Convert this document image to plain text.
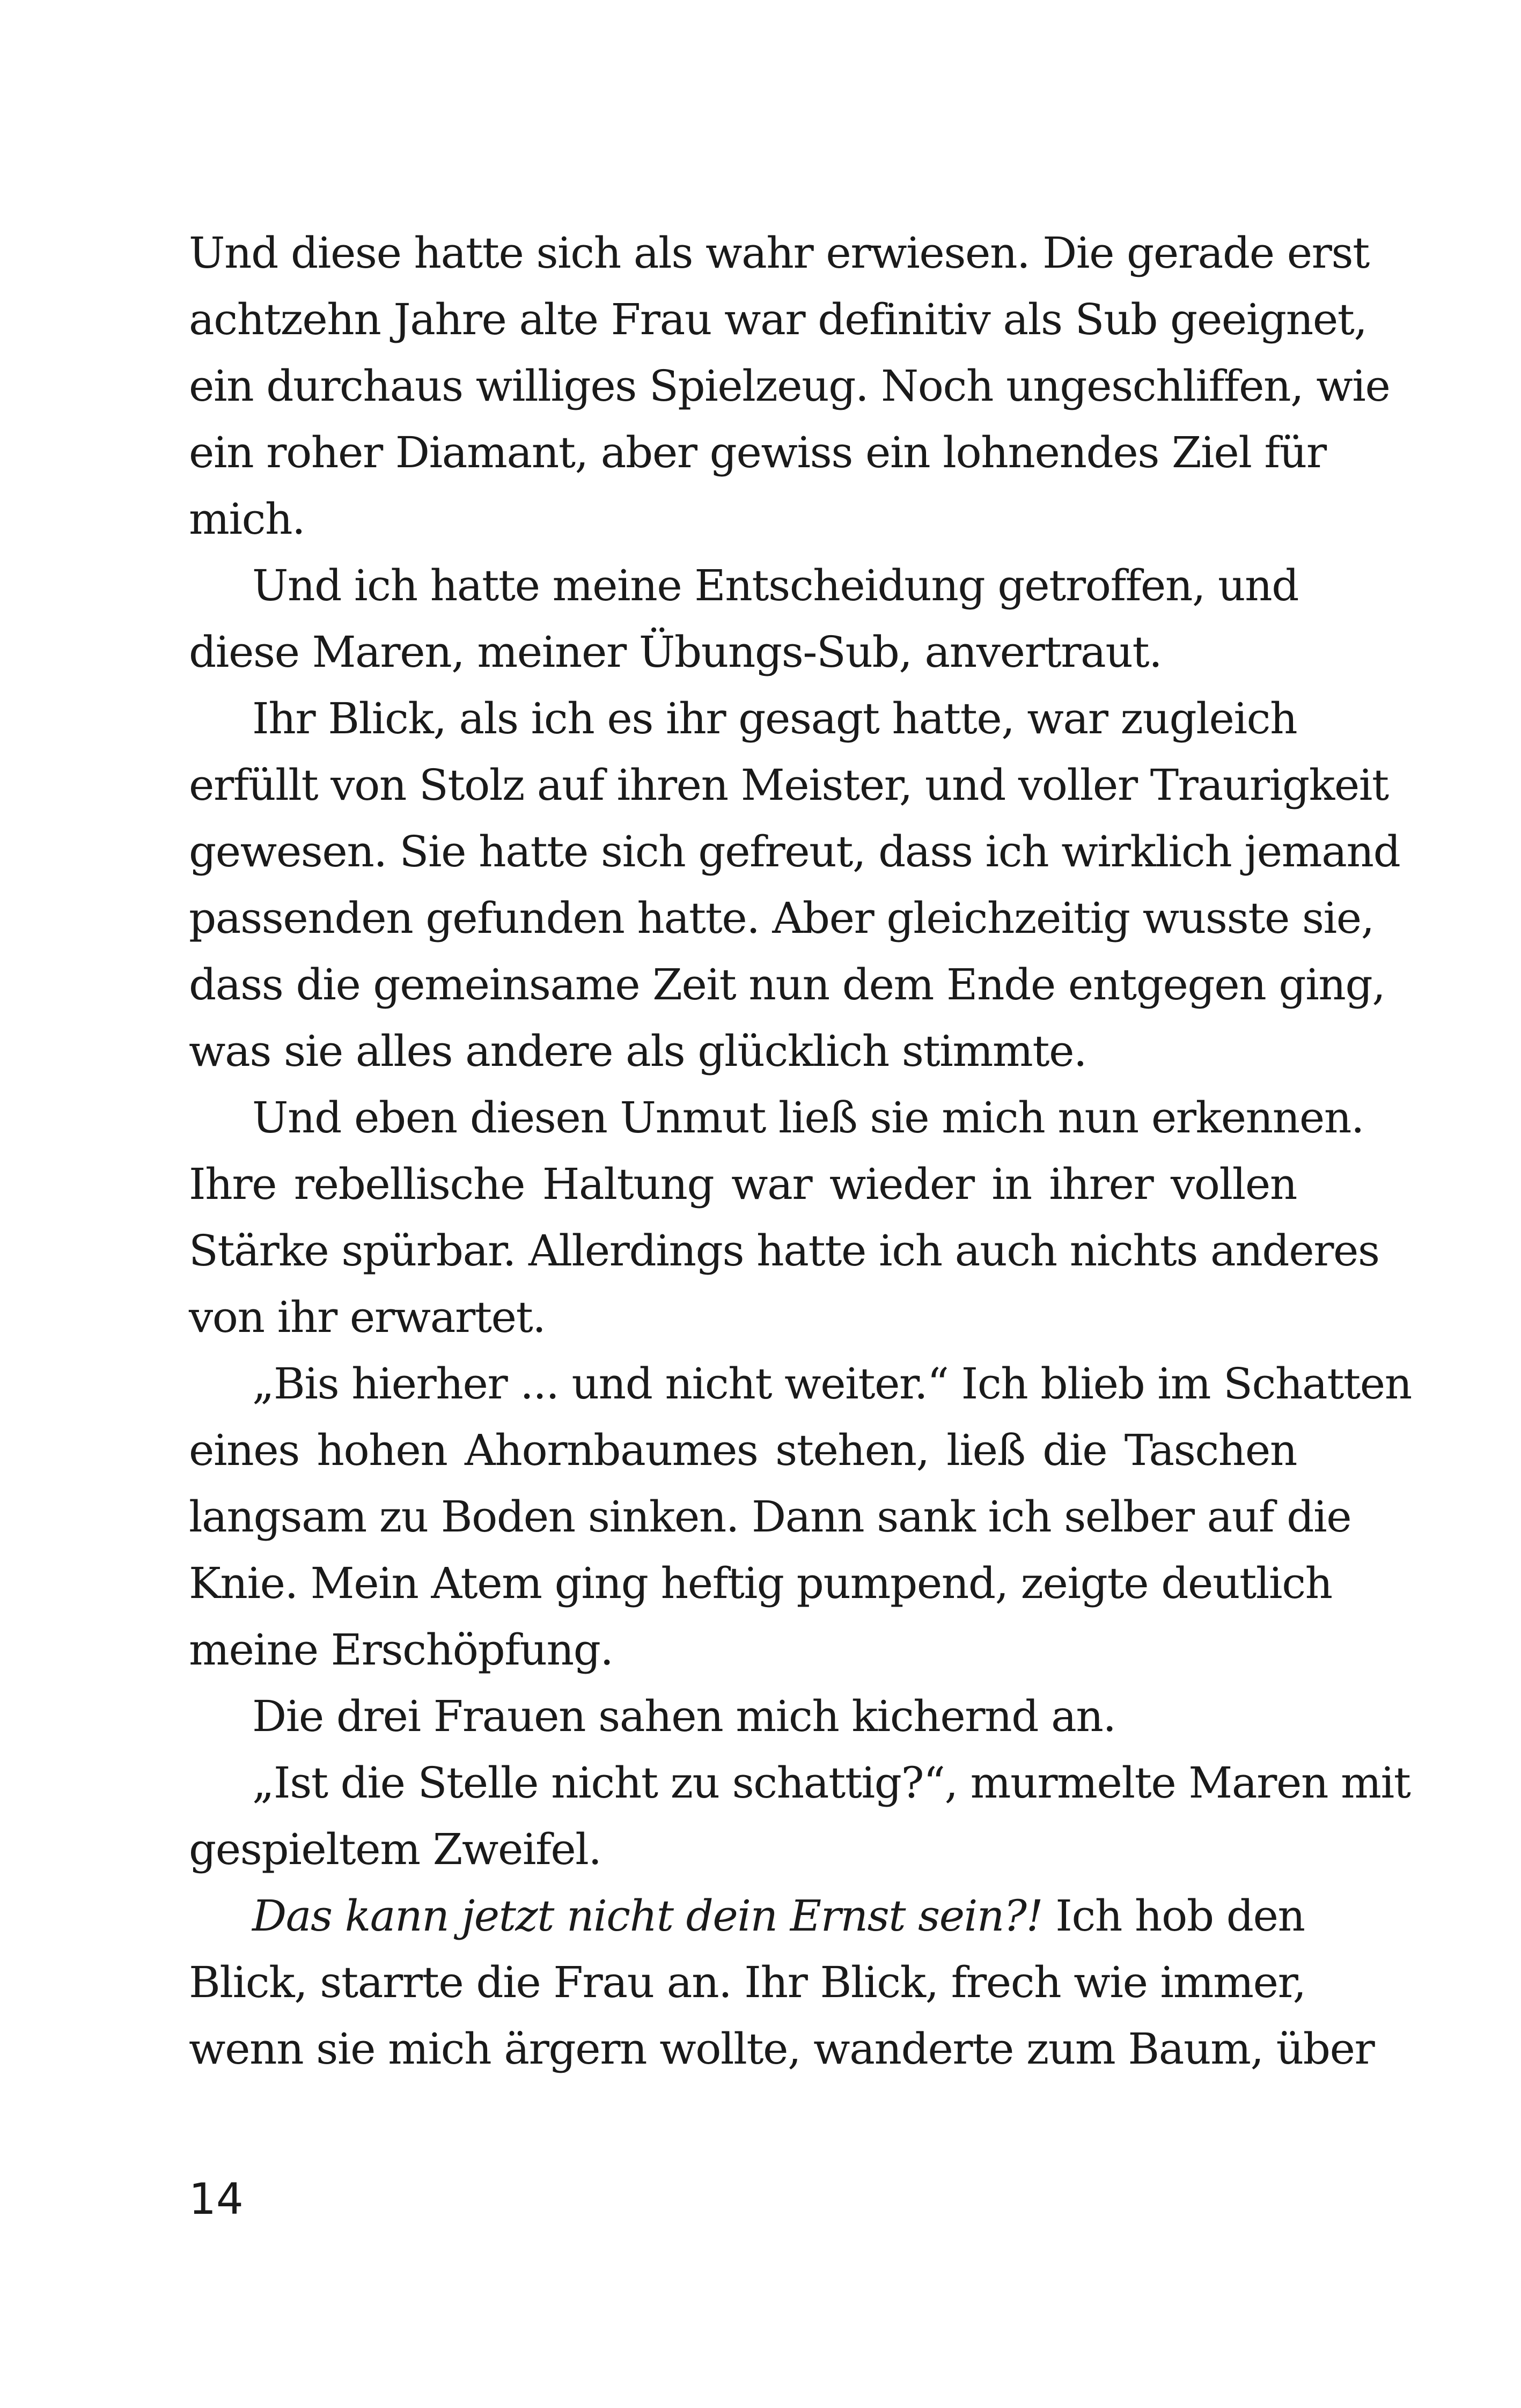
Und diese hatte sich als wahr erwiesen. Die gerade erst
achtzehn Jahre alte Frau war definitiv als Sub geeignet,
ein durchaus williges Spielzeug. Noch ungeschliffen, wie
ein roher Diamant, aber gewiss ein lohnendes Ziel für
mich.
Und ich hatte meine Entscheidung getroffen, und
diese Maren, meiner Übungs-Sub, anvertraut.
Ihr Blick, als ich es ihr gesagt hatte, war zugleich
erfüllt von Stolz auf ihren Meister, und voller Traurigkeit
gewesen. Sie hatte sich gefreut, dass ich wirklich jemand
passenden gefunden hatte. Aber gleichzeitig wusste sie,
dass die gemeinsame Zeit nun dem Ende entgegen ging,
was sie alles andere als glücklich stimmte.
Und eben diesen Unmut ließ sie mich nun erkennen.
Ihre rebellische Haltung war wieder in ihrer vollen
Stärke spürbar. Allerdings hatte ich auch nichts anderes
von ihr erwartet.
„Bis hierher ... und nicht weiter.“ Ich blieb im Schatten
eines hohen Ahornbaumes stehen, ließ die Taschen
langsam zu Boden sinken. Dann sank ich selber auf die
Knie. Mein Atem ging heftig pumpend, zeigte deutlich
meine Erschöpfung.
Die drei Frauen sahen mich kichernd an.
„Ist die Stelle nicht zu schattig?“, murmelte Maren mit
gespieltem Zweifel.
Das kann jetzt nicht dein Ernst sein?! Ich hob den
Blick, starrte die Frau an. Ihr Blick, frech wie immer,
wenn sie mich ärgern wollte, wanderte zum Baum, über
14
